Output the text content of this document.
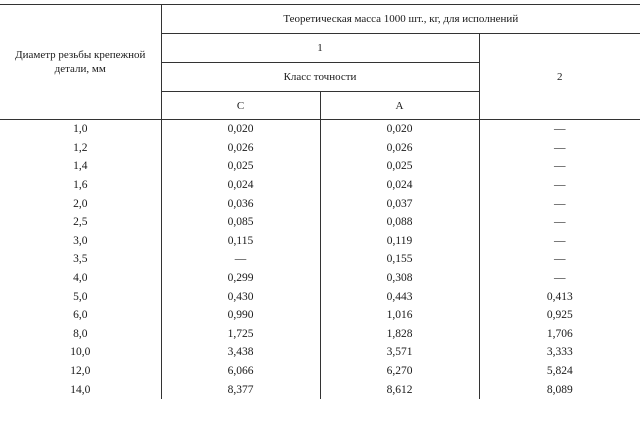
Диаметр резьбы крепежной детали, мм	Теоретическая масса 1000 шт., кг, для исполнений		
	1		2
	Класс точности		
	С	А	
1,0	0,020	0,020	—
1,2	0,026	0,026	—
1,4	0,025	0,025	—
1,6	0,024	0,024	—
2,0	0,036	0,037	—
2,5	0,085	0,088	—
3,0	0,115	0,119	—
3,5	—	0,155	—
4,0	0,299	0,308	—
5,0	0,430	0,443	0,413
6,0	0,990	1,016	0,925
8,0	1,725	1,828	1,706
10,0	3,438	3,571	3,333
12,0	6,066	6,270	5,824
14,0	8,377	8,612	8,089
